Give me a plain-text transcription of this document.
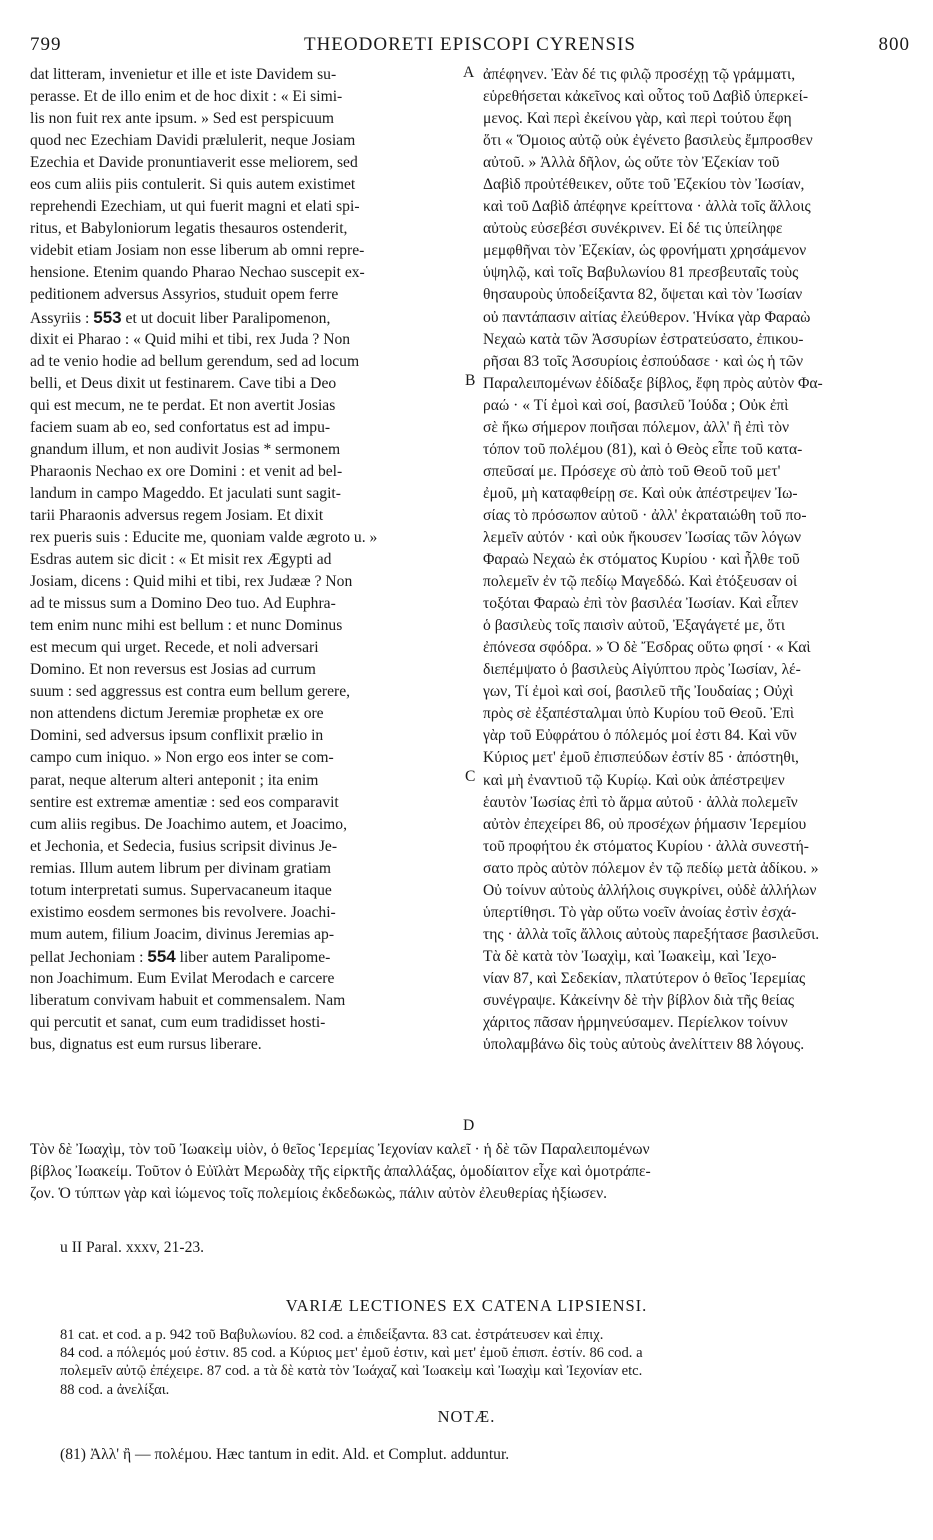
799	THEODORETI EPISCOPI CYRENSIS	800
dat litteram, invenietur et ille et iste Davidem su-
perasse. Et de illo enim et de hoc dixit : « Ei simi-
lis non fuit rex ante ipsum. » Sed est perspicuum
quod nec Ezechiam Davidi prælulerit, neque Josiam
Ezechia et Davide pronuntiaverit esse meliorem, sed
eos cum aliis piis contulerit. Si quis autem existimet
reprehendi Ezechiam, ut qui fuerit magni et elati spi-
ritus, et Babyloniorum legatis thesauros ostenderit,
videbit etiam Josiam non esse liberum ab omni repre-
hensione. Etenim quando Pharao Nechao suscepit ex-
peditionem adversus Assyrios, studuit opem ferre
Assyriis : 553 et ut docuit liber Paralipomenon,
dixit ei Pharao : « Quid mihi et tibi, rex Juda ? Non
ad te venio hodie ad bellum gerendum, sed ad locum
belli, et Deus dixit ut festinarem. Cave tibi a Deo
qui est mecum, ne te perdat. Et non avertit Josias
faciem suam ab eo, sed confortatus est ad impu-
gnandum illum, et non audivit Josias * sermonem
Pharaonis Nechao ex ore Domini : et venit ad bel-
landum in campo Mageddo. Et jaculati sunt sagit-
tarii Pharaonis adversus regem Josiam. Et dixit
rex pueris suis : Educite me, quoniam valde ægroto u. »
Esdras autem sic dicit : « Et misit rex Ægypti ad
Josiam, dicens : Quid mihi et tibi, rex Judææ ? Non
ad te missus sum a Domino Deo tuo. Ad Euphra-
tem enim nunc mihi est bellum : et nunc Dominus
est mecum qui urget. Recede, et noli adversari
Domino. Et non reversus est Josias ad currum
suum : sed aggressus est contra eum bellum gerere,
non attendens dictum Jeremiæ prophetæ ex ore
Domini, sed adversus ipsum conflixit prælio in
campo cum iniquo. » Non ergo eos inter se com-
parat, neque alterum alteri anteponit ; ita enim
sentire est extremæ amentiæ : sed eos comparavit
cum aliis regibus. De Joachimo autem, et Joacimo,
et Jechonia, et Sedecia, fusius scripsit divinus Je-
remias. Illum autem librum per divinam gratiam
totum interpretati sumus. Supervacaneum itaque
existimo eosdem sermones bis revolvere. Joachi-
mum autem, filium Joacim, divinus Jeremias ap-
pellat Jechoniam : 554 liber autem Paralipome-
non Joachimum. Eum Evilat Merodach e carcere
liberatum convivam habuit et commensalem. Nam
qui percutit et sanat, cum eum tradidisset hosti-
bus, dignatus est eum rursus liberare.
ἀπέφηνεν. Ἐὰν δέ τις φιλῷ προσέχῃ τῷ γράμματι,
εὑρεθήσεται κἀκεῖνος καὶ οὗτος τοῦ Δαβὶδ ὑπερκεί-
μενος. Καὶ περὶ ἐκείνου γὰρ, καὶ περὶ τούτου ἔφη
ὅτι « Ὅμοιος αὐτῷ οὐκ ἐγένετο βασιλεὺς ἔμπροσθεν
αὐτοῦ. » Ἀλλὰ δῆλον, ὡς οὔτε τὸν Ἐζεκίαν τοῦ
Δαβὶδ προὐτέθεικεν, οὔτε τοῦ Ἐζεκίου τὸν Ἰωσίαν,
καὶ τοῦ Δαβὶδ ἀπέφηνε κρείττονα · ἀλλὰ τοῖς ἄλλοις
αὐτοὺς εὐσεβέσι συνέκρινεν. Εἰ δέ τις ὑπείληφε
μεμφθῆναι τὸν Ἐζεκίαν, ὡς φρονήματι χρησάμενον
ὑψηλῷ, καὶ τοῖς Βαβυλωνίου 81 πρεσβευταῖς τοὺς
θησαυροὺς ὑποδείξαντα 82, ὄψεται καὶ τὸν Ἰωσίαν
οὐ παντάπασιν αἰτίας ἐλεύθερον. Ἡνίκα γὰρ Φαραὼ
Νεχαὼ κατὰ τῶν Ἀσσυρίων ἐστρατεύσατο, ἐπικου-
ρῆσαι 83 τοῖς Ἀσσυρίοις ἐσπούδασε · καὶ ὡς ἡ τῶν
Παραλειπομένων ἐδίδαξε βίβλος, ἔφη πρὸς αὐτὸν Φα-
ραώ · « Τί ἐμοὶ καὶ σοί, βασιλεῦ Ἰούδα ; Οὐκ ἐπὶ
σὲ ἥκω σήμερον ποιῆσαι πόλεμον, ἀλλ' ἢ ἐπὶ τὸν
τόπον τοῦ πολέμου (81), καὶ ὁ Θεὸς εἶπε τοῦ κατα-
σπεῦσαί με. Πρόσεχε σὺ ἀπὸ τοῦ Θεοῦ τοῦ μετ'
ἐμοῦ, μὴ καταφθείρῃ σε. Καὶ οὐκ ἀπέστρεψεν Ἰω-
σίας τὸ πρόσωπον αὐτοῦ · ἀλλ' ἐκραταιώθη τοῦ πο-
λεμεῖν αὐτόν · καὶ οὐκ ἤκουσεν Ἰωσίας τῶν λόγων
Φαραὼ Νεχαὼ ἐκ στόματος Κυρίου · καὶ ἦλθε τοῦ
πολεμεῖν ἐν τῷ πεδίῳ Μαγεδδώ. Καὶ ἐτόξευσαν οἱ
τοξόται Φαραὼ ἐπὶ τὸν βασιλέα Ἰωσίαν. Καὶ εἶπεν
ὁ βασιλεὺς τοῖς παισὶν αὐτοῦ, Ἐξαγάγετέ με, ὅτι
ἐπόνεσα σφόδρα. » Ὁ δὲ Ἔσδρας οὕτω φησί · « Καὶ
διεπέμψατο ὁ βασιλεὺς Αἰγύπτου πρὸς Ἰωσίαν, λέ-
γων, Τί ἐμοὶ καὶ σοί, βασιλεῦ τῆς Ἰουδαίας ; Οὐχὶ
πρὸς σὲ ἐξαπέσταλμαι ὑπὸ Κυρίου τοῦ Θεοῦ. Ἐπὶ
γὰρ τοῦ Εὐφράτου ὁ πόλεμός μοί ἐστι 84. Καὶ νῦν
Κύριος μετ' ἐμοῦ ἐπισπεύδων ἐστίν 85 · ἀπόστηθι,
καὶ μὴ ἐναντιοῦ τῷ Κυρίῳ. Καὶ οὐκ ἀπέστρεψεν
ἑαυτὸν Ἰωσίας ἐπὶ τὸ ἅρμα αὐτοῦ · ἀλλὰ πολεμεῖν
αὐτὸν ἐπεχείρει 86, οὐ προσέχων ῥήμασιν Ἱερεμίου
τοῦ προφήτου ἐκ στόματος Κυρίου · ἀλλὰ συνεστή-
σατο πρὸς αὐτὸν πόλεμον ἐν τῷ πεδίῳ μετὰ ἀδίκου. »
Οὐ τοίνυν αὐτοὺς ἀλλήλοις συγκρίνει, οὐδὲ ἀλλήλων
ὑπερτίθησι. Τὸ γὰρ οὕτω νοεῖν ἀνοίας ἐστὶν ἐσχά-
της · ἀλλὰ τοῖς ἄλλοις αὐτοὺς παρεξήτασε βασιλεῦσι.
Τὰ δὲ κατὰ τὸν Ἰωαχὶμ, καὶ Ἰωακεὶμ, καὶ Ἰεχο-
νίαν 87, καὶ Σεδεκίαν, πλατύτερον ὁ θεῖος Ἱερεμίας
συνέγραψε. Κἀκείνην δὲ τὴν βίβλον διὰ τῆς θείας
χάριτος πᾶσαν ἡρμηνεύσαμεν. Περίελκον τοίνυν
ὑπολαμβάνω δὶς τοὺς αὐτοὺς ἀνελίττειν 88 λόγους.
A
B
C
D
Τὸν δὲ Ἰωαχὶμ, τὸν τοῦ Ἰωακεὶμ υἱὸν, ὁ θεῖος Ἱερεμίας Ἰεχονίαν καλεῖ · ἡ δὲ τῶν Παραλειπομένων
βίβλος Ἰωακείμ. Τοῦτον ὁ Εὐϊλὰτ Μερωδὰχ τῆς εἱρκτῆς ἀπαλλάξας, ὁμοδίαιτον εἶχε καὶ ὁμοτράπε-
ζον. Ὁ τύπτων γὰρ καὶ ἰώμενος τοῖς πολεμίοις ἐκδεδωκὼς, πάλιν αὐτὸν ἐλευθερίας ἠξίωσεν.
u II Paral. xxxv, 21-23.
VARIÆ LECTIONES EX CATENA LIPSIENSI.
81 cat. et cod. a p. 942 τοῦ Βαβυλωνίου. 82 cod. a ἐπιδείξαντα. 83 cat. ἐστράτευσεν καὶ ἐπιχ.
84 cod. a πόλεμός μού ἐστιν. 85 cod. a Κύριος μετ' ἐμοῦ ἐστιν, καὶ μετ' ἐμοῦ ἐπισπ. ἐστίν. 86 cod. a
πολεμεῖν αὐτῷ ἐπέχειρε. 87 cod. a τὰ δὲ κατὰ τὸν Ἰωάχαζ καὶ Ἰωακεὶμ καὶ Ἰωαχὶμ καὶ Ἰεχονίαν etc.
88 cod. a ἀνελίξαι.
NOTÆ.
(81) Ἀλλ' ἢ — πολέμου. Hæc tantum in edit. Ald. et Complut. adduntur.
